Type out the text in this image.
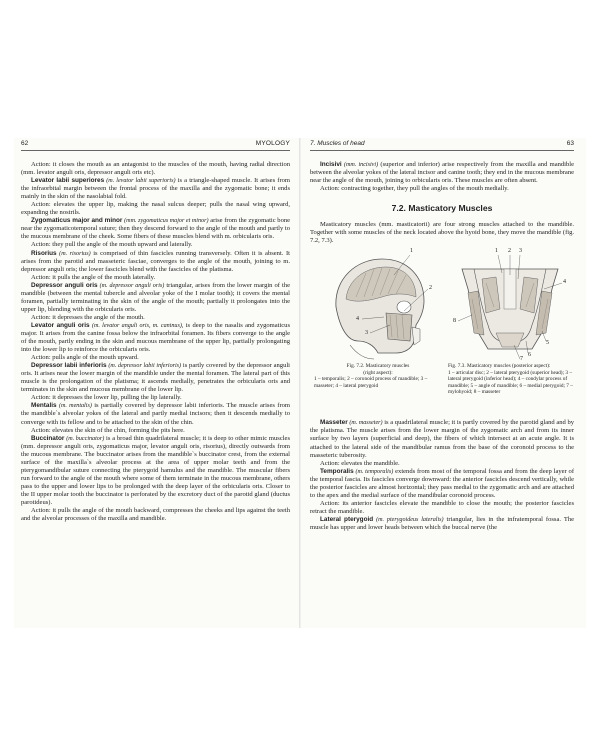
62	MYOLOGY

Action: it closes the mouth as an antagonist to the muscles of the mouth, having radial direction (mm. levator anguli oris, depressor anguli oris etc).

Levator labii superiores (m. levator labii superioris) is a triangle-shaped muscle. It arises from the infraorbital margin between the frontal process of the maxilla and the zygomatic bone; it ends mainly in the skin of the nasolabial fold.

Action: elevates the upper lip, making the nasal sulcus deeper; pulls the nasal wing upward, expanding the nostrils.

Zygomaticus major and minor (mm. zygomaticus major et minor) arise from the zygomatic bone near the zygomaticotemporal suture; then they descend forward to the angle of the mouth and partly to the mucous membrane of the cheek. Some fibers of these muscles blend with m. orbicularis oris.

Action: they pull the angle of the mouth upward and laterally.

Risorius (m. risorius) is comprised of thin fascicles running transversely. Often it is absent. It arises from the parotid and masseteric fasciae, converges to the angle of the mouth, joining to m. depressor anguli oris; the lower fascicles blend with the fascicles of the platisma.

Action: it pulls the angle of the mouth laterally.

Depressor anguli oris (m. depressor anguli oris) triangular, arises from the lower margin of the mandible (between the mental tubercle and alveolar yoke of the I molar tooth); it covers the mental foramen, partially terminating in the skin of the angle of the mouth; partially it prolongates into the upper lip, blending with the orbicularis oris.

Action: it depresses the angle of the mouth.

Levator anguli oris (m. levator anguli oris, m. caninus), is deep to the nasalis and zygomaticus major. It arises from the canine fossa below the infraorbital foramen. Its fibers converge to the angle of the mouth, partly ending in the skin and mucous membrane of the upper lip, partially prolongating into the lower lip to reinforce the orbicularis oris.

Action: pulls angle of the mouth upward.

Depressor labii inferioris (m. depressor labii inferioris) is partly covered by the depressor anguli oris. It arises near the lower margin of the mandible under the mental foramen. The lateral part of this muscle is the prolongation of the platisma; it ascends medially, penetrates the orbicularis oris and terminates in the skin and mucous membrane of the lower lip.

Action: it depresses the lower lip, pulling the lip laterally.

Mentalis (m. mentalis) is partially covered by depressor labii inferioris. The muscle arises from the mandible`s alveolar yokes of the lateral and partly medial incisors; then it descends medially to converge with its fellow and to be attached to the skin of the chin.

Action: elevates the skin of the chin, forming the pits here.

Buccinator (m. buccinator) is a broad thin quadrilateral muscle; it is deep to other mimic muscles (mm. depressor anguli oris, zygomaticus major, levator anguli oris, risorius), directly outwards from the mucous membrane. The buccinator arises from the mandible`s buccinator crest, from the external surface of the maxilla`s alveolar process at the area of upper molar teeth and from the pterygomandibular suture connecting the pterygoid hamulus and the mandible. The muscular fibers run forward to the angle of the mouth where some of them terminate in the mucous membrane, others pass to the upper and lower lips to be prolonged with the deep layer of the orbicularis oris. Closer to the II upper molar tooth the buccinator is perforated by the excretory duct of the parotid gland (ductus parotideus).

Action: it pulls the angle of the mouth backward, compresses the cheeks and lips against the teeth and the alveolar processes of the maxilla and mandible.

7. Muscles of head	63

Incisivi (mm. incisivi) (superior and inferior) arise respectively from the maxilla and mandible between the alveolar yokes of the lateral incisor and canine tooth; they end in the mucous membrane near the angle of the mouth, joining to orbicularis oris. These muscles are often absent.

Action: contracting together, they pull the angles of the mouth medially.

7.2. Masticatory Muscles

Masticatory muscles (mm. masticatorii) are four strong muscles attached to the mandible. Together with some muscles of the neck located above the hyoid bone, they move the mandible (fig. 7.2, 7.3).

1
2
3
4
1 2 3
4
5
6
7
8
Fig. 7.2. Masticatory muscles
(right aspect):
1 – temporalis; 2 – coronoid process of mandible; 3 – masseter; 4 – lateral pterygoid
Fig. 7.3. Masticatory muscles (posterior aspect):
1 – articular disc; 2 – lateral pterygoid (superior head); 3 – lateral pterygoid (inferior head); 4 – condylar process of mandible; 5 – angle of mandible; 6 – medial pterygoid; 7 – mylohyoid; 8 – masseter

Masseter (m. masseter) is a quadrilateral muscle; it is partly covered by the parotid gland and by the platisma. The muscle arises from the lower margin of the zygomatic arch and from its inner surface by two layers (superficial and deep), the fibers of which intersect at an acute angle. It is attached to the lateral side of the mandibular ramus from the base of the coronoid process to the masseteric tuberosity.

Action: elevates the mandible.

Temporalis (m. temporalis) extends from most of the temporal fossa and from the deep layer of the temporal fascia. Its fascicles converge downward: the anterior fascicles descend vertically, while the posterior fascicles are almost horizontal; they pass medial to the zygomatic arch and are attached to the apex and the medial surface of the mandibular coronoid process.

Action: its anterior fascicles elevate the mandible to close the mouth; the posterior fascicles retract the mandible.

Lateral pterygoid (m. pterygoideus lateralis) triangular, lies in the infratemporal fossa. The muscle has upper and lower heads between which the buccal nerve (the
